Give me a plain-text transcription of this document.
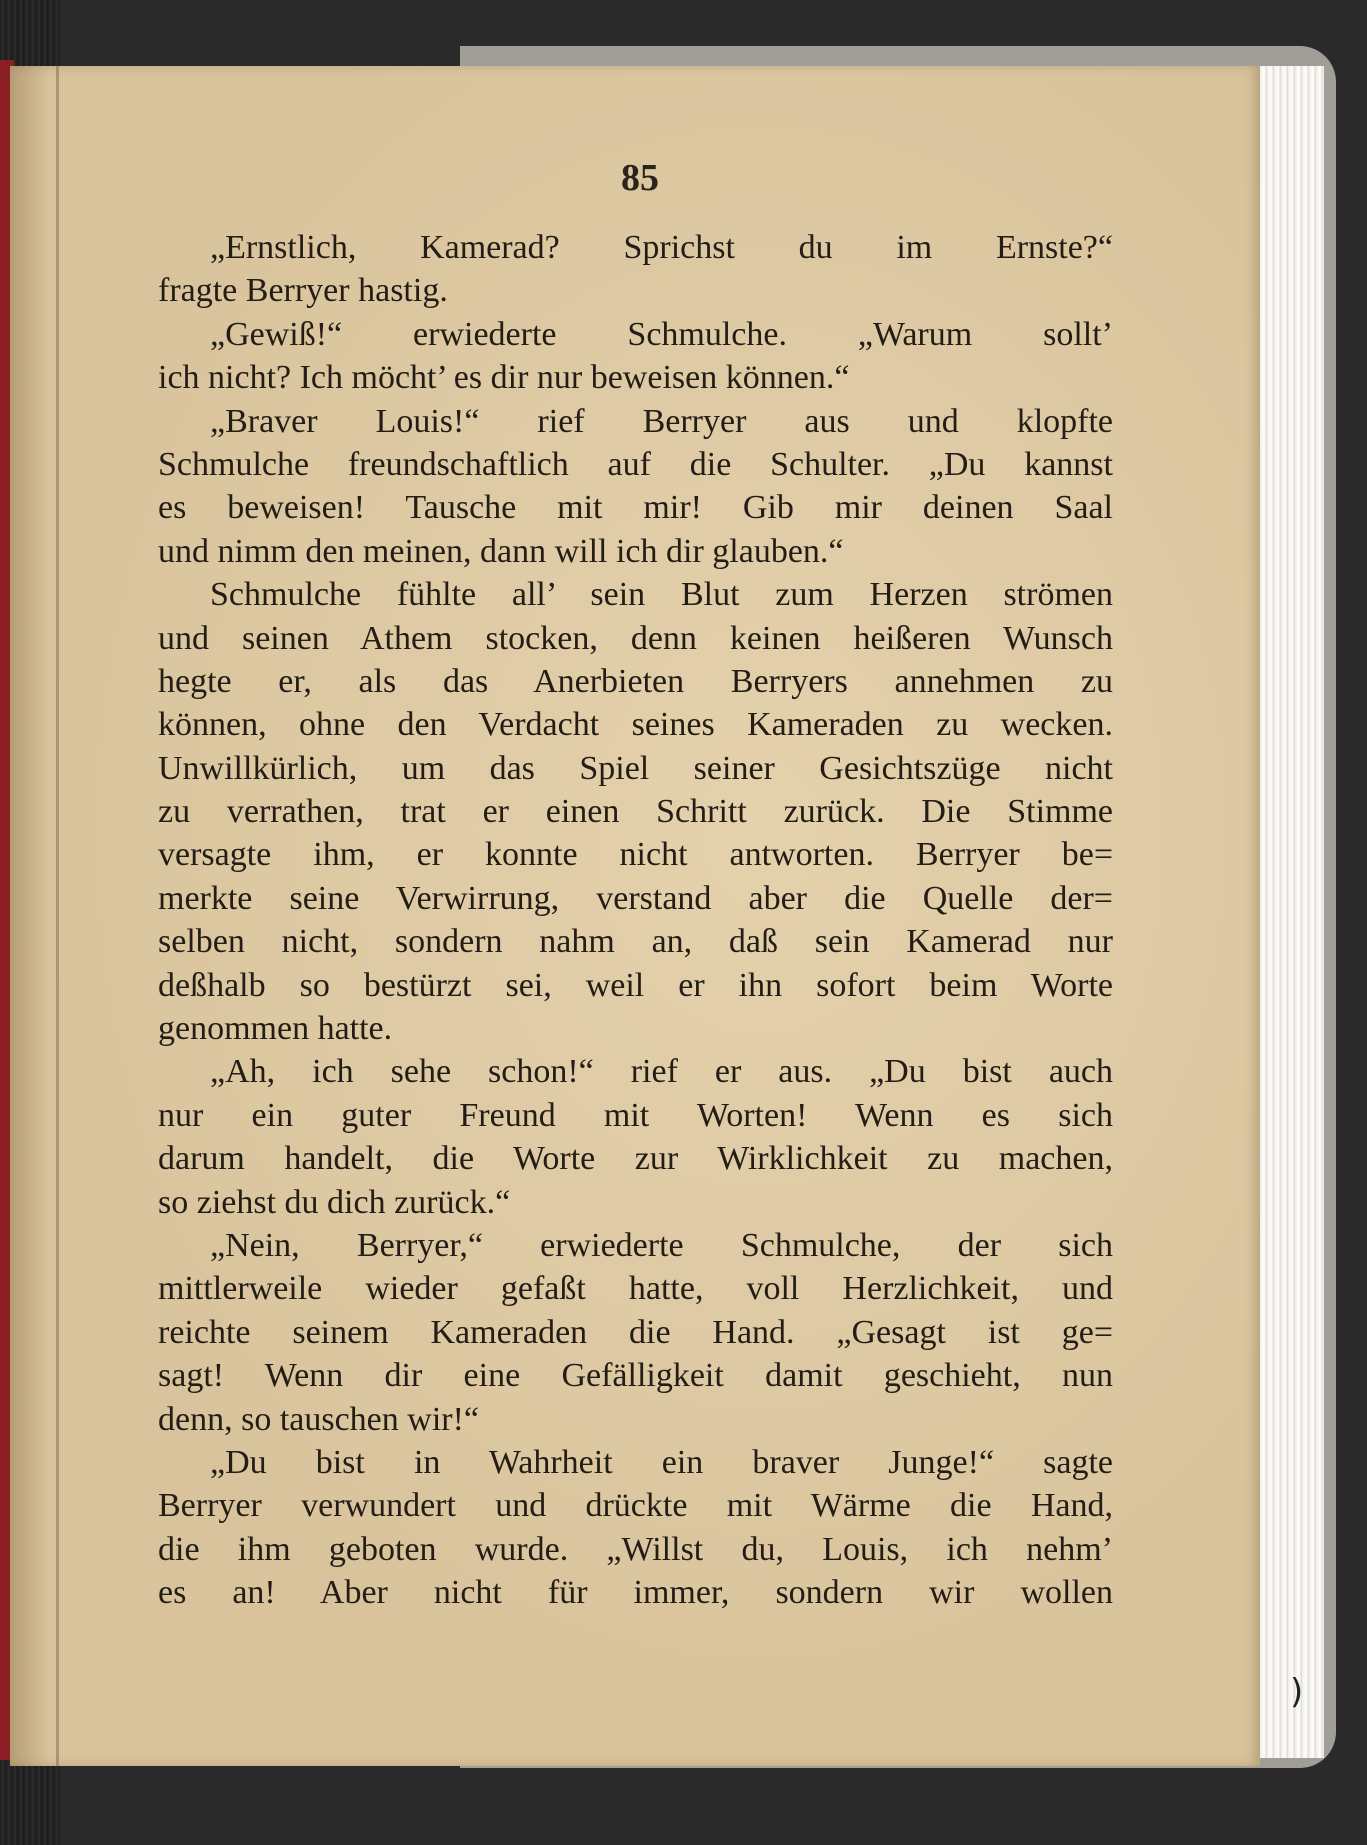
)
85
„Ernstlich, Kamerad? Sprichst du im Ernste?“
fragte Berryer hastig.
„Gewiß!“ erwiederte Schmulche. „Warum sollt’
ich nicht? Ich möcht’ es dir nur beweisen können.“
„Braver Louis!“ rief Berryer aus und klopfte
Schmulche freundschaftlich auf die Schulter. „Du kannst
es beweisen! Tausche mit mir! Gib mir deinen Saal
und nimm den meinen, dann will ich dir glauben.“
Schmulche fühlte all’ sein Blut zum Herzen strömen
und seinen Athem stocken, denn keinen heißeren Wunsch
hegte er, als das Anerbieten Berryers annehmen zu
können, ohne den Verdacht seines Kameraden zu wecken.
Unwillkürlich, um das Spiel seiner Gesichtszüge nicht
zu verrathen, trat er einen Schritt zurück. Die Stimme
versagte ihm, er konnte nicht antworten. Berryer be=
merkte seine Verwirrung, verstand aber die Quelle der=
selben nicht, sondern nahm an, daß sein Kamerad nur
deßhalb so bestürzt sei, weil er ihn sofort beim Worte
genommen hatte.
„Ah, ich sehe schon!“ rief er aus. „Du bist auch
nur ein guter Freund mit Worten! Wenn es sich
darum handelt, die Worte zur Wirklichkeit zu machen,
so ziehst du dich zurück.“
„Nein, Berryer,“ erwiederte Schmulche, der sich
mittlerweile wieder gefaßt hatte, voll Herzlichkeit, und
reichte seinem Kameraden die Hand. „Gesagt ist ge=
sagt! Wenn dir eine Gefälligkeit damit geschieht, nun
denn, so tauschen wir!“
„Du bist in Wahrheit ein braver Junge!“ sagte
Berryer verwundert und drückte mit Wärme die Hand,
die ihm geboten wurde. „Willst du, Louis, ich nehm’
es an! Aber nicht für immer, sondern wir wollen
